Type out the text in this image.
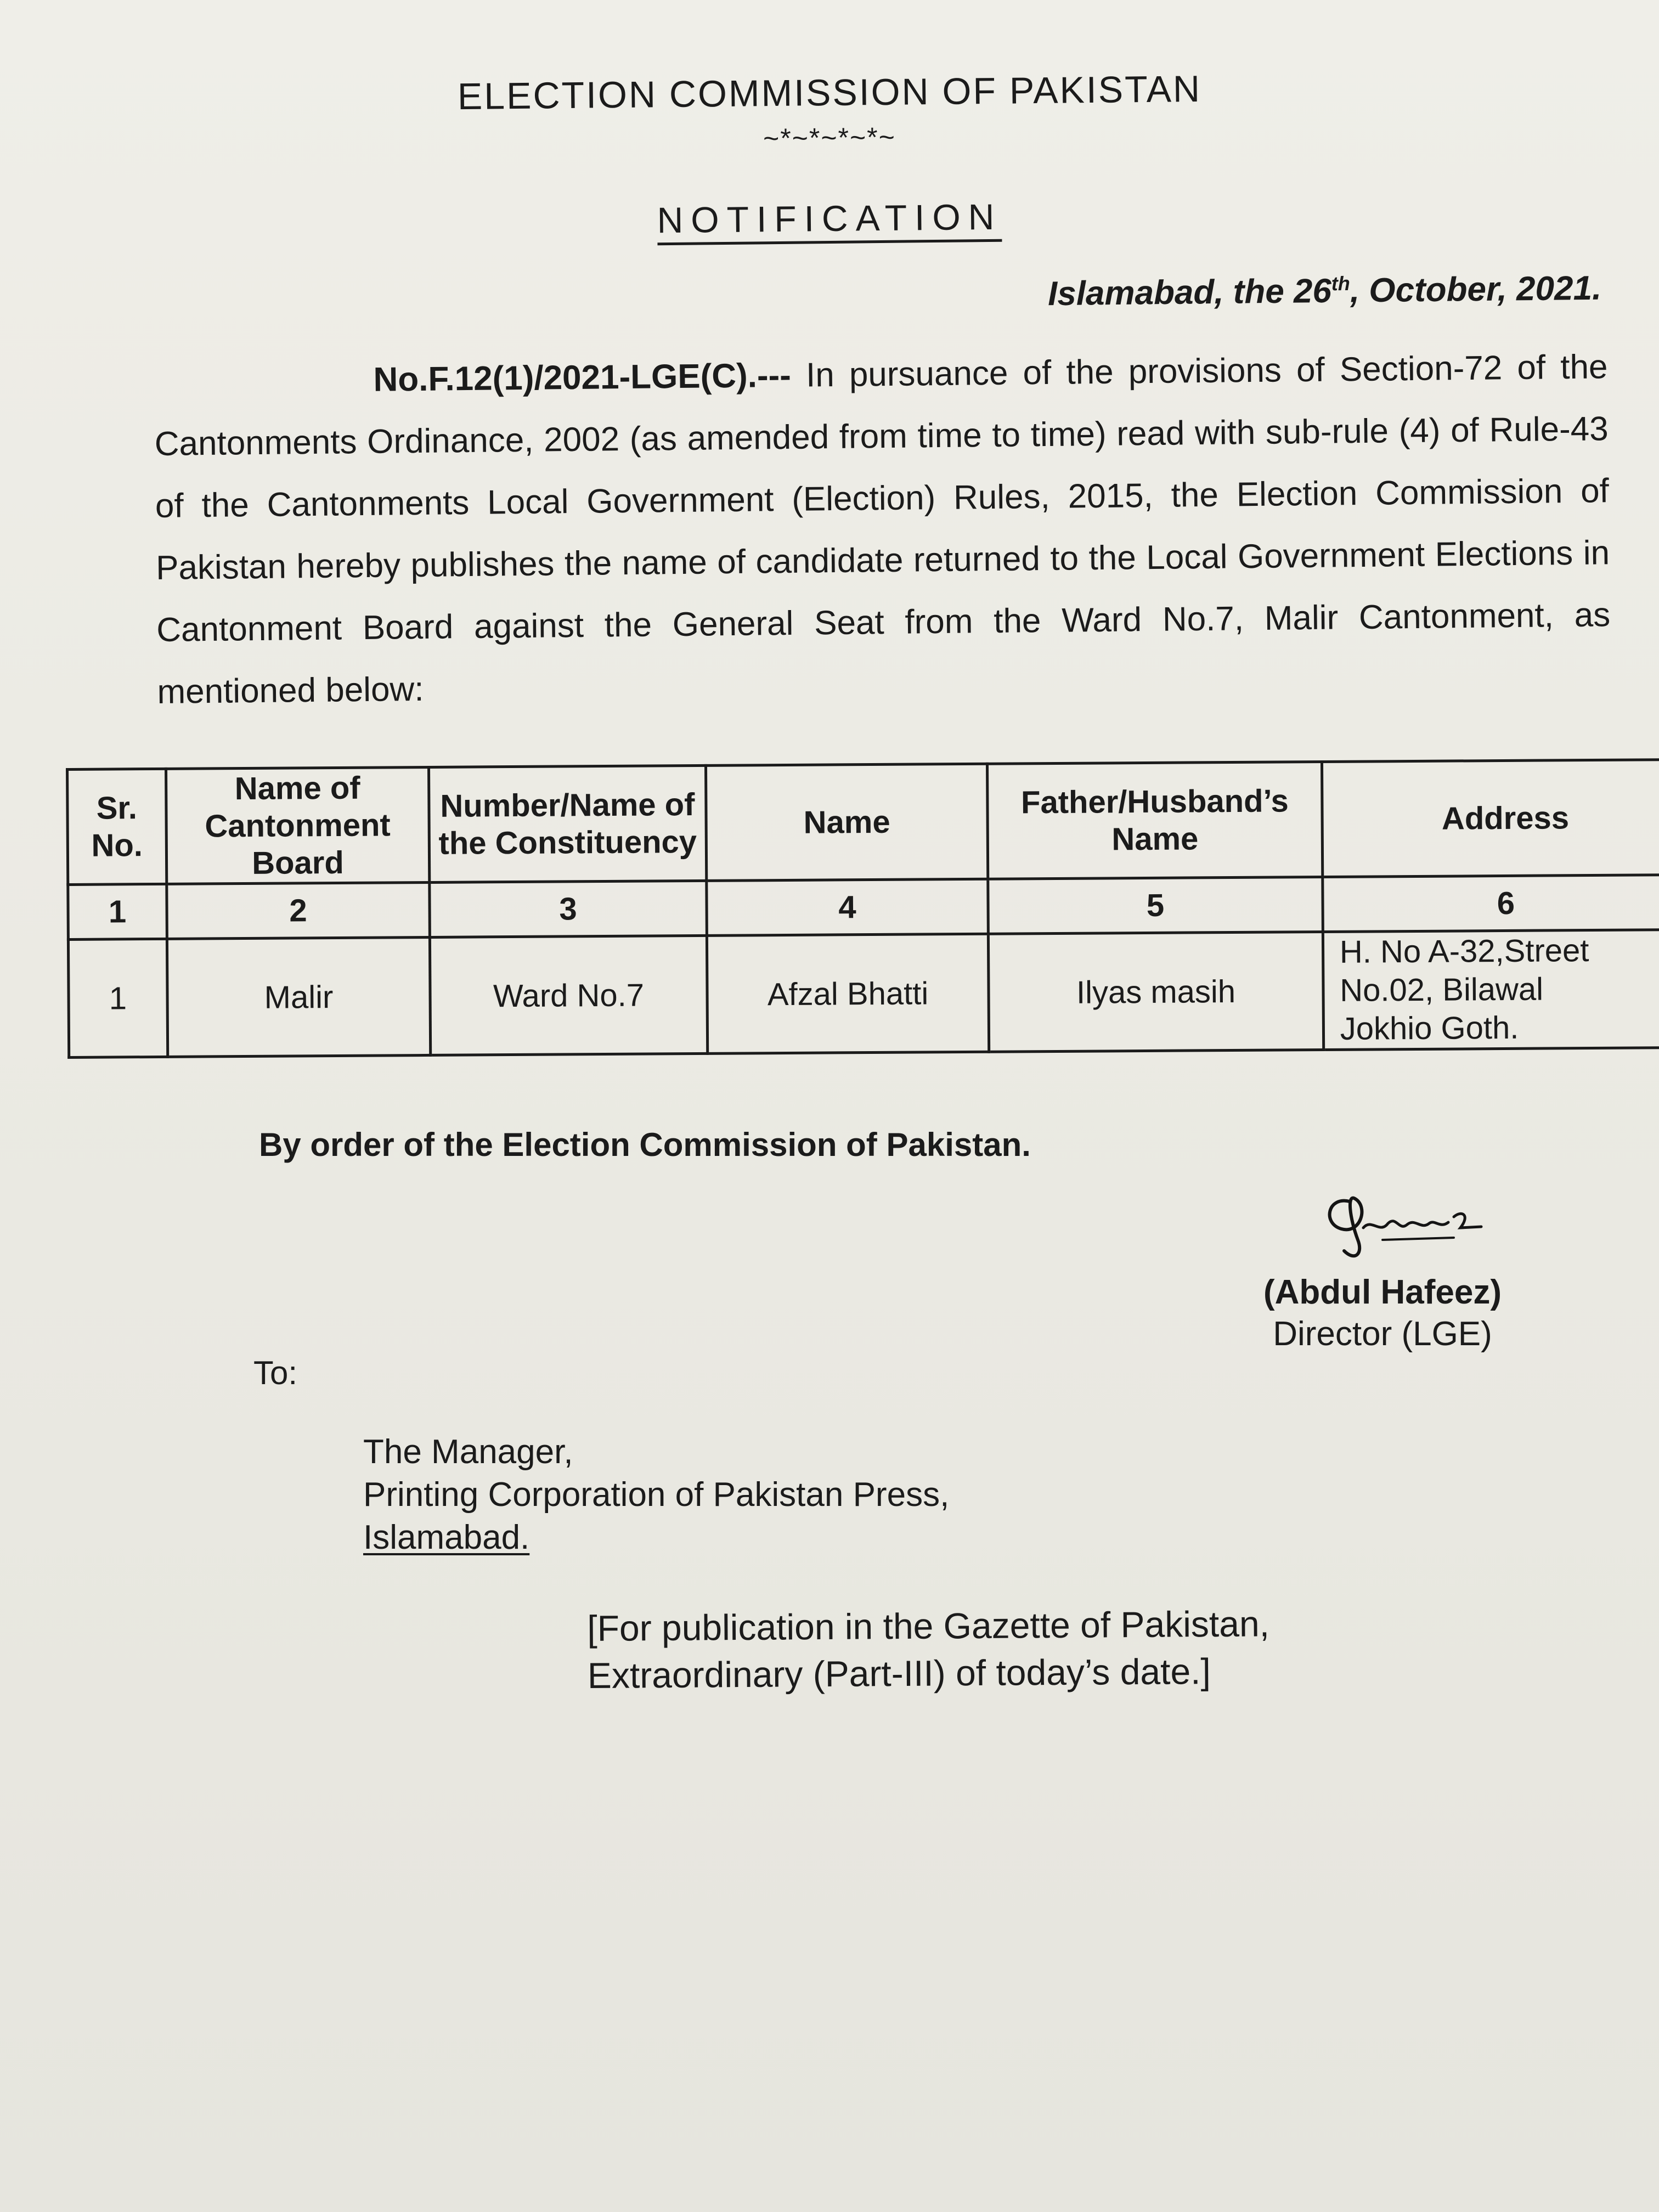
ELECTION COMMISSION OF PAKISTAN
~*~*~*~*~
NOTIFICATION
Islamabad, the 26th, October, 2021.
No.F.12(1)/2021-LGE(C).--- In pursuance of the provisions of Section-72 of the Cantonments Ordinance, 2002 (as amended from time to time) read with sub-rule (4) of Rule-43 of the Cantonments Local Government (Election) Rules, 2015, the Election Commission of Pakistan hereby publishes the name of candidate returned to the Local Government Elections in Cantonment Board against the General Seat from the Ward No.7, Malir Cantonment, as mentioned below:
Sr. No.	Name of Cantonment Board	Number/Name of the Constituency	Name	Father/Husband’s Name	Address
1	2	3	4	5	6
1	Malir	Ward No.7	Afzal Bhatti	Ilyas masih	H. No A-32,Street
No.02, Bilawal
Jokhio Goth.
By order of the Election Commission of Pakistan.
(Abdul Hafeez)
Director (LGE)
To:
The Manager,
Printing Corporation of Pakistan Press,
Islamabad.
[For publication in the Gazette of Pakistan,
Extraordinary (Part-III) of today’s date.]
